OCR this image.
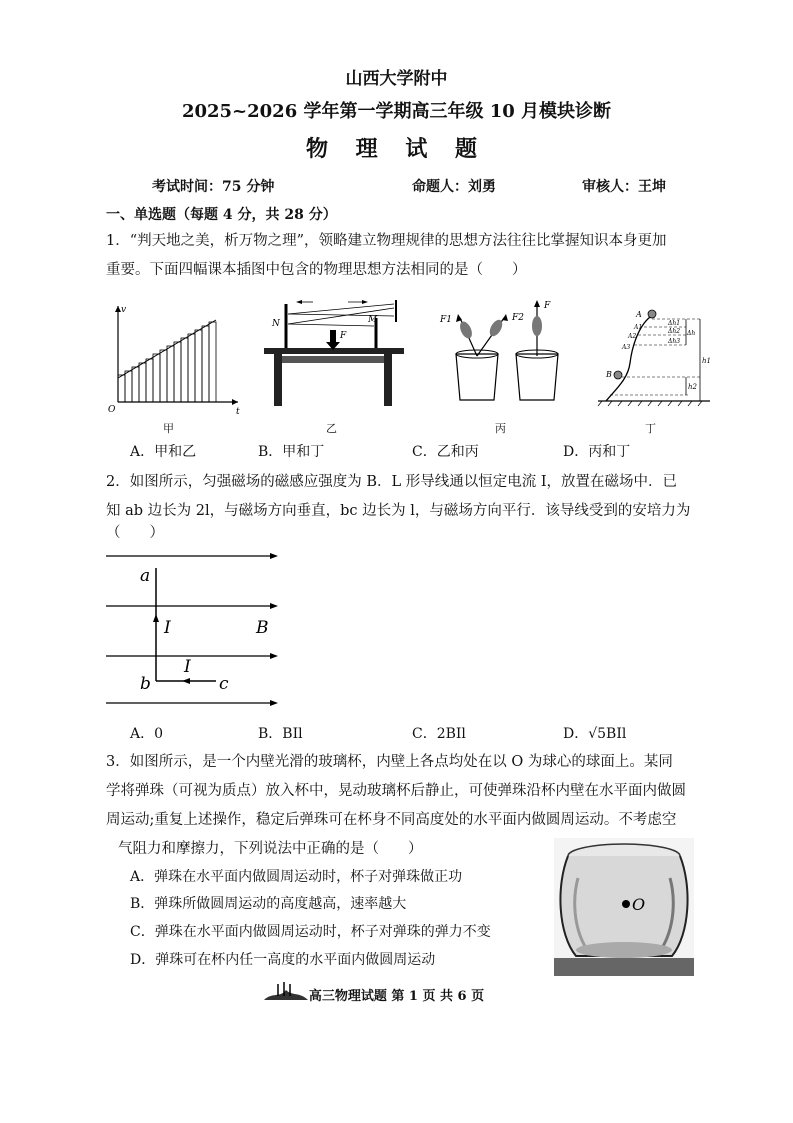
山西大学附中
2025~2026 学年第一学期高三年级 10 月模块诊断
物 理 试 题
考试时间：75 分钟	命题人：刘勇	审核人：王坤
一、单选题（每题 4 分，共 28 分）
1．“判天地之美，析万物之理”，领略建立物理规律的思想方法往往比掌握知识本身更加
重要。下面四幅课本插图中包含的物理思想方法相同的是（　　）
v
t
O
甲
N	M
F
乙
F1	F2
F
丙
A
B
A1
A2
A3
Δh1
Δh2
Δh3
Δh
h1
h2
丁
A．甲和乙	B．甲和丁	C．乙和丙	D．丙和丁
2．如图所示，匀强磁场的磁感应强度为 B．L 形导线通以恒定电流 I，放置在磁场中．已
知 ab 边长为 2l，与磁场方向垂直，bc 边长为 l，与磁场方向平行．该导线受到的安培力为
（　　）
a
b	c
I
I
B
A．0	B．BIl	C．2BIl	D．√5BIl
3．如图所示，是一个内壁光滑的玻璃杯，内壁上各点均处在以 O 为球心的球面上。某同
学将弹珠（可视为质点）放入杯中，晃动玻璃杯后静止，可使弹珠沿杯内壁在水平面内做圆
周运动;重复上述操作，稳定后弹珠可在杯身不同高度处的水平面内做圆周运动。不考虑空
气阻力和摩擦力，下列说法中正确的是（　　）
A．弹珠在水平面内做圆周运动时，杯子对弹珠做正功
B．弹珠所做圆周运动的高度越高，速率越大
C．弹珠在水平面内做圆周运动时，杯子对弹珠的弹力不变
D．弹珠可在杯内任一高度的水平面内做圆周运动
O
高三物理试题 第 1 页 共 6 页
